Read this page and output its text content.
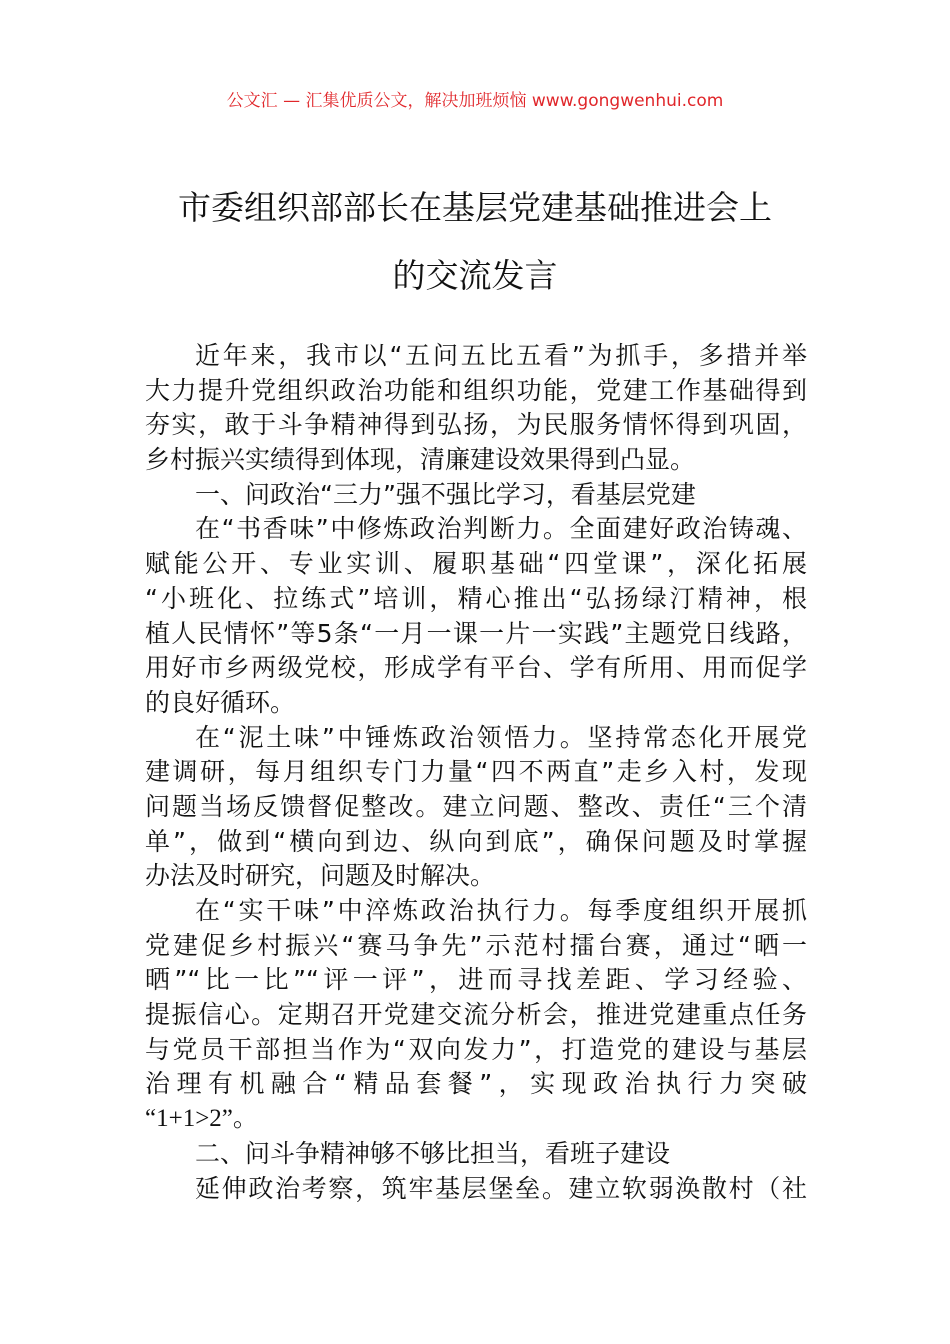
公文汇 — 汇集优质公文，解决加班烦恼 www.gongwenhui.com
市委组织部部长在基层党建基础推进会上
的交流发言
近年来，我市以“五问五比五看”为抓手，多措并举
大力提升党组织政治功能和组织功能，党建工作基础得到
夯实，敢于斗争精神得到弘扬，为民服务情怀得到巩固，
乡村振兴实绩得到体现，清廉建设效果得到凸显。
一、问政治“三力”强不强比学习，看基层党建
在“书香味”中修炼政治判断力。全面建好政治铸魂、
赋能公开、专业实训、履职基础“四堂课”，深化拓展
“小班化、拉练式”培训，精心推出“弘扬绿汀精神，根
植人民情怀”等5条“一月一课一片一实践”主题党日线路，
用好市乡两级党校，形成学有平台、学有所用、用而促学
的良好循环。
在“泥土味”中锤炼政治领悟力。坚持常态化开展党
建调研，每月组织专门力量“四不两直”走乡入村，发现
问题当场反馈督促整改。建立问题、整改、责任“三个清
单”，做到“横向到边、纵向到底”，确保问题及时掌握
办法及时研究，问题及时解决。
在“实干味”中淬炼政治执行力。每季度组织开展抓
党建促乡村振兴“赛马争先”示范村擂台赛，通过“晒一
晒”“比一比”“评一评”，进而寻找差距、学习经验、
提振信心。定期召开党建交流分析会，推进党建重点任务
与党员干部担当作为“双向发力”，打造党的建设与基层
治理有机融合“精品套餐”，实现政治执行力突破
“1+1>2”。
二、问斗争精神够不够比担当，看班子建设
延伸政治考察，筑牢基层堡垒。建立软弱涣散村（社
